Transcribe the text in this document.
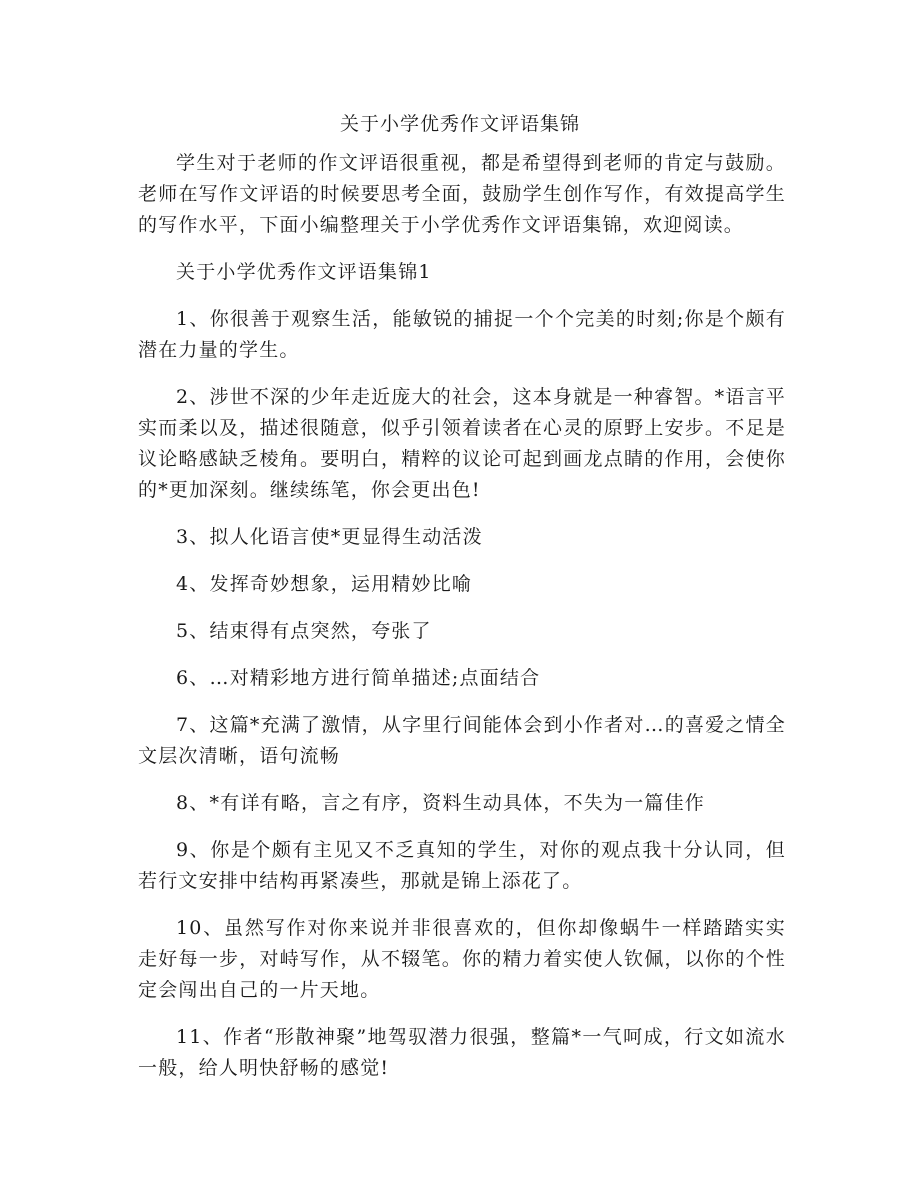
关于小学优秀作文评语集锦

学生对于老师的作文评语很重视，都是希望得到老师的肯定与鼓励。老师在写作文评语的时候要思考全面，鼓励学生创作写作，有效提高学生的写作水平，下面小编整理关于小学优秀作文评语集锦，欢迎阅读。

关于小学优秀作文评语集锦1

1、你很善于观察生活，能敏锐的捕捉一个个完美的时刻;你是个颇有潜在力量的学生。

2、涉世不深的少年走近庞大的社会，这本身就是一种睿智。*语言平实而柔以及，描述很随意，似乎引领着读者在心灵的原野上安步。不足是议论略感缺乏棱角。要明白，精粹的议论可起到画龙点睛的作用，会使你的*更加深刻。继续练笔，你会更出色!

3、拟人化语言使*更显得生动活泼

4、发挥奇妙想象，运用精妙比喻

5、结束得有点突然，夸张了

6、…对精彩地方进行简单描述;点面结合

7、这篇*充满了激情，从字里行间能体会到小作者对…的喜爱之情全文层次清晰，语句流畅

8、*有详有略，言之有序，资料生动具体，不失为一篇佳作

9、你是个颇有主见又不乏真知的学生，对你的观点我十分认同，但若行文安排中结构再紧凑些，那就是锦上添花了。

10、虽然写作对你来说并非很喜欢的，但你却像蜗牛一样踏踏实实走好每一步，对峙写作，从不辍笔。你的精力着实使人钦佩，以你的个性定会闯出自己的一片天地。

11、作者“形散神聚”地驾驭潜力很强，整篇*一气呵成，行文如流水一般，给人明快舒畅的感觉!
